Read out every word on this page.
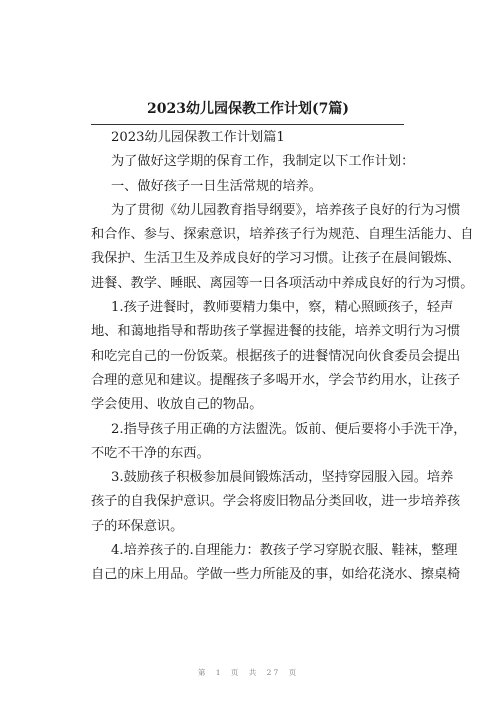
2023幼儿园保教工作计划(7篇)
2023幼儿园保教工作计划篇1
为了做好这学期的保育工作，我制定以下工作计划：
一、做好孩子一日生活常规的培养。
为了贯彻《幼儿园教育指导纲要》，培养孩子良好的行为习惯
和合作、参与、探索意识，培养孩子行为规范、自理生活能力、自
我保护、生活卫生及养成良好的学习习惯。让孩子在晨间锻炼、
进餐、教学、睡眠、离园等一日各项活动中养成良好的行为习惯。
1.孩子进餐时，教师要精力集中，察，精心照顾孩子，轻声
地、和蔼地指导和帮助孩子掌握进餐的技能，培养文明行为习惯
和吃完自己的一份饭菜。根据孩子的进餐情况向伙食委员会提出
合理的意见和建议。提醒孩子多喝开水，学会节约用水，让孩子
学会使用、收放自己的物品。
2.指导孩子用正确的方法盥洗。饭前、便后要将小手洗干净，
不吃不干净的东西。
3.鼓励孩子积极参加晨间锻炼活动，坚持穿园服入园。培养
孩子的自我保护意识。学会将废旧物品分类回收，进一步培养孩
子的环保意识。
4.培养孩子的.自理能力：教孩子学习穿脱衣服、鞋袜，整理
自己的床上用品。学做一些力所能及的事，如给花浇水、擦桌椅
第 1 页 共 27 页
